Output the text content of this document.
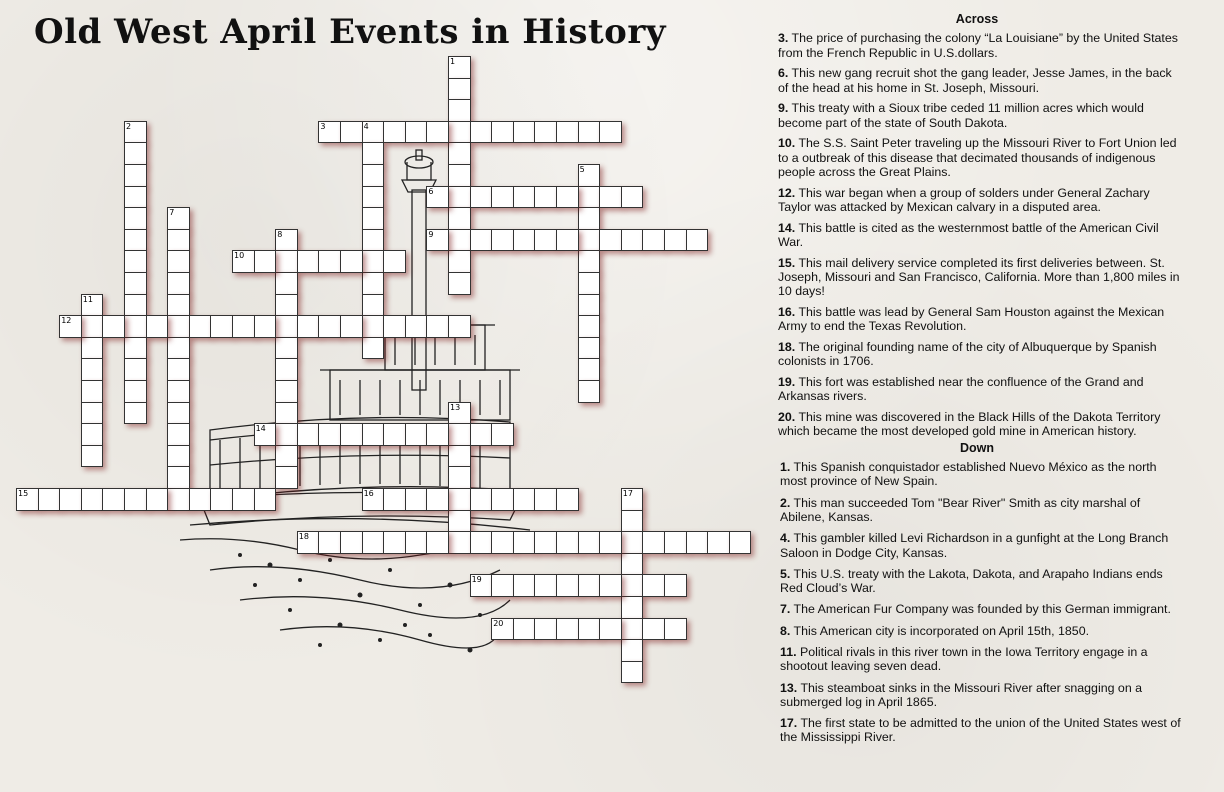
Old West April Events in History
1
2	3	4
5
6
7
8	9
10
11
12
13
14
15	16	17
18
19
20
Across
3. The price of purchasing the colony “La Louisiane” by the United States from the French Republic in U.S.dollars.
6. This new gang recruit shot the gang leader, Jesse James, in the back of the head at his home in St. Joseph, Missouri.
9. This treaty with a Sioux tribe ceded 11 million acres which would become part of the state of South Dakota.
10. The S.S. Saint Peter traveling up the Missouri River to Fort Union led to a outbreak of this disease that decimated thousands of indigenous people across the Great Plains.
12. This war began when a group of solders under General Zachary Taylor was attacked by Mexican calvary in a disputed area.
14. This battle is cited as the westernmost battle of the American Civil War.
15. This mail delivery service completed its first deliveries between. St. Joseph, Missouri and San Francisco, California. More than 1,800 miles in 10 days!
16. This battle was lead by General Sam Houston against the Mexican Army to end the Texas Revolution.
18. The original founding name of the city of Albuquerque by Spanish colonists in 1706.
19. This fort was established near the confluence of the Grand and Arkansas rivers.
20. This mine was discovered in the Black Hills of the Dakota Territory which became the most developed gold mine in American history.
Down
1. This Spanish conquistador established Nuevo México as the north most province of New Spain.
2. This man succeeded Tom "Bear River" Smith as city marshal of Abilene, Kansas.
4. This gambler killed Levi Richardson in a gunfight at the Long Branch Saloon in Dodge City, Kansas.
5. This U.S. treaty with the Lakota, Dakota, and Arapaho Indians ends Red Cloud’s War.
7. The American Fur Company was founded by this German immigrant.
8. This American city is incorporated on April 15th, 1850.
11. Political rivals in this river town in the Iowa Territory engage in a shootout leaving seven dead.
13. This steamboat sinks in the Missouri River after snagging on a submerged log in April 1865.
17. The first state to be admitted to the union of the United States west of the Mississippi River.
